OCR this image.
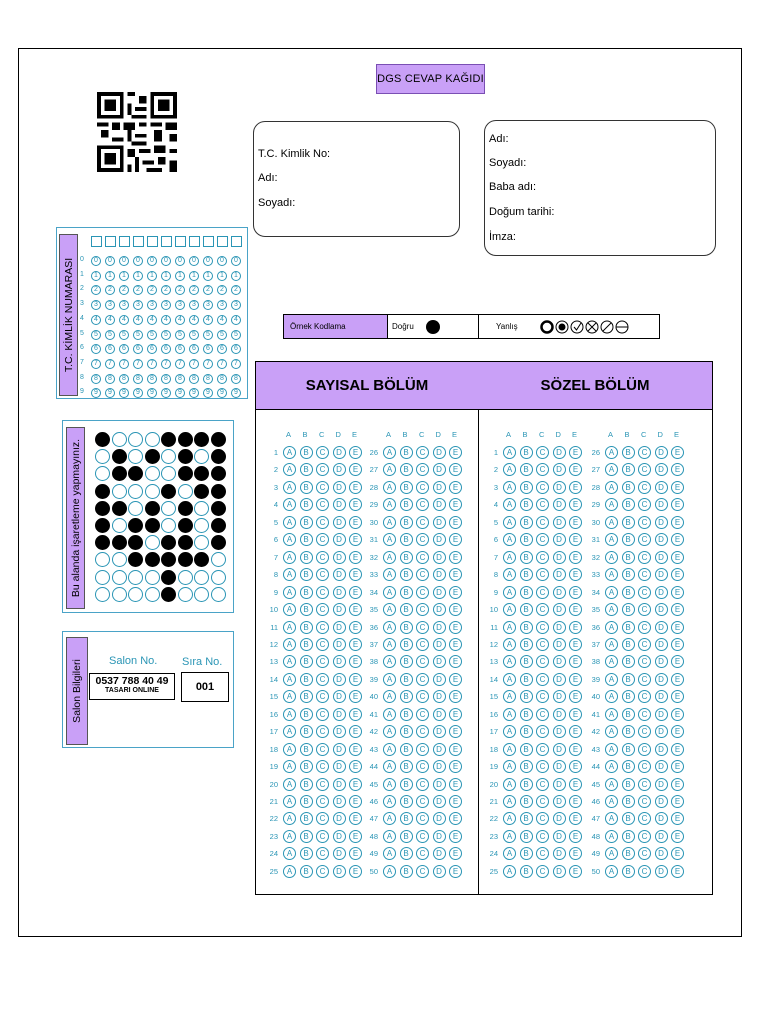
DGS CEVAP KAĞIDI
T.C. Kimlik No:
Adı:
Soyadı:
Adı:
Soyadı:
Baba adı:
Doğum tarihi:
İmza:
T.C. KİMLİK NUMARASI 0	0	0	0	0	0	0	0	0	0	0	0
1	1	1	1	1	1	1	1	1	1	1	1
2	2	2	2	2	2	2	2	2	2	2	2
3	3	3	3	3	3	3	3	3	3	3	3
4	4	4	4	4	4	4	4	4	4	4	4
5	5	5	5	5	5	5	5	5	5	5	5
6	6	6	6	6	6	6	6	6	6	6	6
7	7	7	7	7	7	7	7	7	7	7	7
8	8	8	8	8	8	8	8	8	8	8	8
9	9	9	9	9	9	9	9	9	9	9	9
Bu alanda işaretleme yapmayınız.
Salon Bilgileri Salon No. Sıra No.
0537 788 40 49
TASARI ONLINE	001
Örnek Kodlama	Doğru	Yanlış
SAYISAL BÖLÜM	SÖZEL BÖLÜM
A B C D E
1	A	B	C	D	E
2	A	B	C	D	E
3	A	B	C	D	E
4	A	B	C	D	E
5	A	B	C	D	E
6	A	B	C	D	E
7	A	B	C	D	E
8	A	B	C	D	E
9	A	B	C	D	E
10	A	B	C	D	E
11	A	B	C	D	E
12	A	B	C	D	E
13	A	B	C	D	E
14	A	B	C	D	E
15	A	B	C	D	E
16	A	B	C	D	E
17	A	B	C	D	E
18	A	B	C	D	E
19	A	B	C	D	E
20	A	B	C	D	E
21	A	B	C	D	E
22	A	B	C	D	E
23	A	B	C	D	E
24	A	B	C	D	E
25	A	B	C	D	E
A B C D E
26	A	B	C	D	E
27	A	B	C	D	E
28	A	B	C	D	E
29	A	B	C	D	E
30	A	B	C	D	E
31	A	B	C	D	E
32	A	B	C	D	E
33	A	B	C	D	E
34	A	B	C	D	E
35	A	B	C	D	E
36	A	B	C	D	E
37	A	B	C	D	E
38	A	B	C	D	E
39	A	B	C	D	E
40	A	B	C	D	E
41	A	B	C	D	E
42	A	B	C	D	E
43	A	B	C	D	E
44	A	B	C	D	E
45	A	B	C	D	E
46	A	B	C	D	E
47	A	B	C	D	E
48	A	B	C	D	E
49	A	B	C	D	E
50	A	B	C	D	E
A B C D E
1	A	B	C	D	E
2	A	B	C	D	E
3	A	B	C	D	E
4	A	B	C	D	E
5	A	B	C	D	E
6	A	B	C	D	E
7	A	B	C	D	E
8	A	B	C	D	E
9	A	B	C	D	E
10	A	B	C	D	E
11	A	B	C	D	E
12	A	B	C	D	E
13	A	B	C	D	E
14	A	B	C	D	E
15	A	B	C	D	E
16	A	B	C	D	E
17	A	B	C	D	E
18	A	B	C	D	E
19	A	B	C	D	E
20	A	B	C	D	E
21	A	B	C	D	E
22	A	B	C	D	E
23	A	B	C	D	E
24	A	B	C	D	E
25	A	B	C	D	E
A B C D E
26	A	B	C	D	E
27	A	B	C	D	E
28	A	B	C	D	E
29	A	B	C	D	E
30	A	B	C	D	E
31	A	B	C	D	E
32	A	B	C	D	E
33	A	B	C	D	E
34	A	B	C	D	E
35	A	B	C	D	E
36	A	B	C	D	E
37	A	B	C	D	E
38	A	B	C	D	E
39	A	B	C	D	E
40	A	B	C	D	E
41	A	B	C	D	E
42	A	B	C	D	E
43	A	B	C	D	E
44	A	B	C	D	E
45	A	B	C	D	E
46	A	B	C	D	E
47	A	B	C	D	E
48	A	B	C	D	E
49	A	B	C	D	E
50	A	B	C	D	E
